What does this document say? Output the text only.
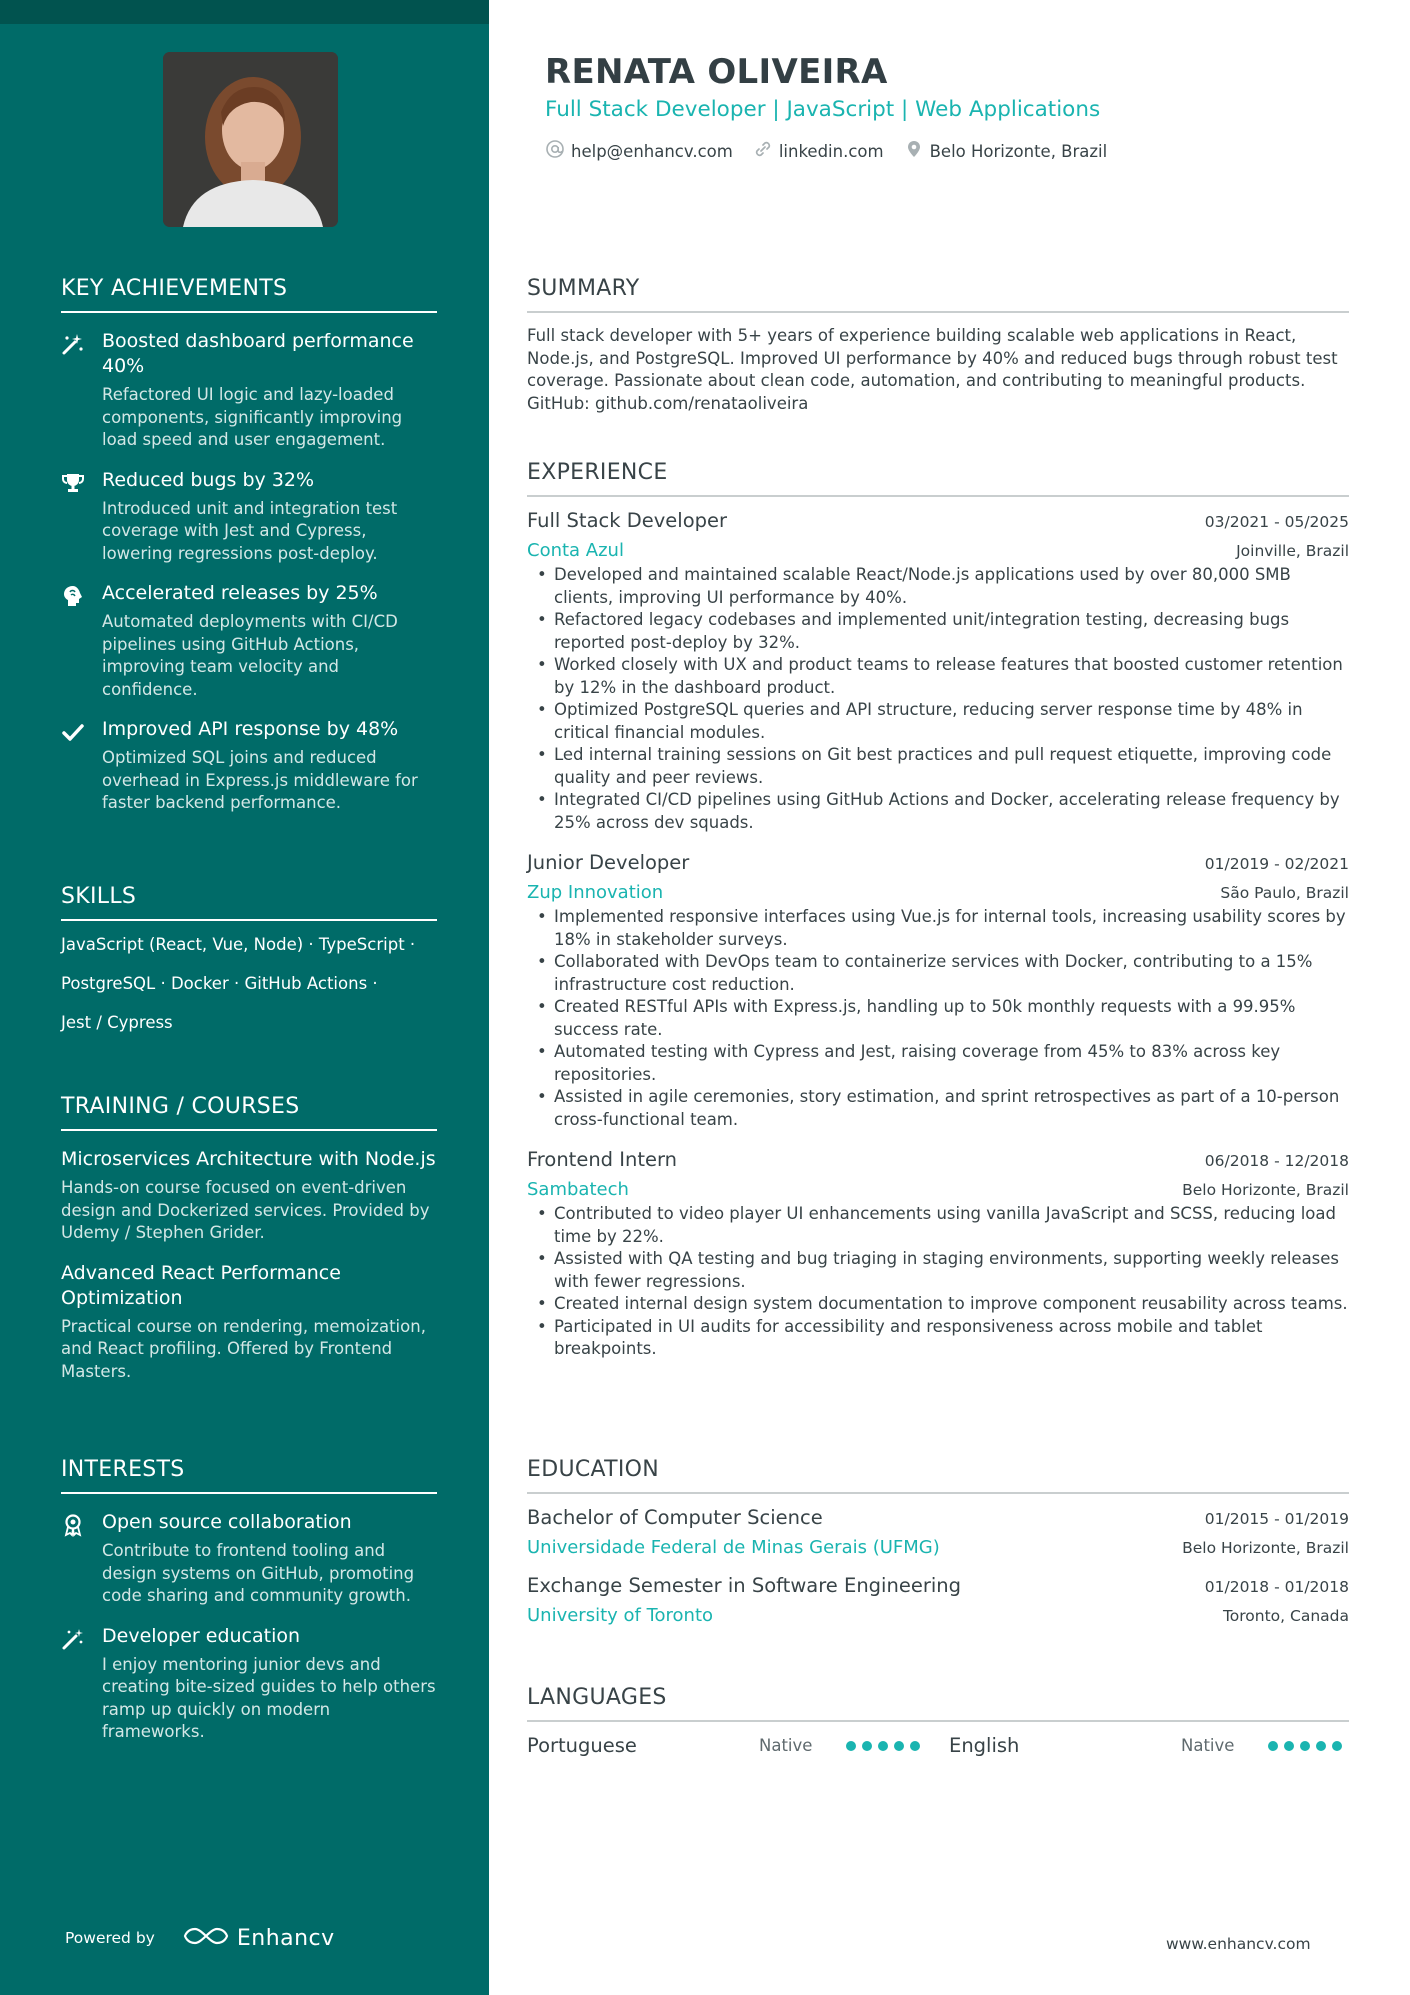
KEY ACHIEVEMENTS
Boosted dashboard performance 40%
Refactored UI logic and lazy-loaded components, significantly improving load speed and user engagement.
Reduced bugs by 32%
Introduced unit and integration test coverage with Jest and Cypress, lowering regressions post-deploy.
Accelerated releases by 25%
Automated deployments with CI/CD pipelines using GitHub Actions, improving team velocity and confidence.
Improved API response by 48%
Optimized SQL joins and reduced overhead in Express.js middleware for faster backend performance.
SKILLS
JavaScript (React, Vue, Node) · TypeScript ·
PostgreSQL · Docker · GitHub Actions ·
Jest / Cypress
TRAINING / COURSES
Microservices Architecture with Node.js
Hands-on course focused on event-driven design and Dockerized services. Provided by Udemy / Stephen Grider.
Advanced React Performance Optimization
Practical course on rendering, memoization, and React profiling. Offered by Frontend Masters.
INTERESTS
Open source collaboration
Contribute to frontend tooling and design systems on GitHub, promoting code sharing and community growth.
Developer education
I enjoy mentoring junior devs and creating bite-sized guides to help others ramp up quickly on modern frameworks.
Powered by	Enhancv
RENATA OLIVEIRA
Full Stack Developer | JavaScript | Web Applications
help@enhancv.com	linkedin.com	Belo Horizonte, Brazil
SUMMARY
Full stack developer with 5+ years of experience building scalable web applications in React, Node.js, and PostgreSQL. Improved UI performance by 40% and reduced bugs through robust test coverage. Passionate about clean code, automation, and contributing to meaningful products. GitHub: github.com/renataoliveira
EXPERIENCE
Full Stack Developer	03/2021 - 05/2025
Conta Azul	Joinville, Brazil
• Developed and maintained scalable React/Node.js applications used by over 80,000 SMB clients, improving UI performance by 40%.
• Refactored legacy codebases and implemented unit/integration testing, decreasing bugs reported post-deploy by 32%.
• Worked closely with UX and product teams to release features that boosted customer retention by 12% in the dashboard product.
• Optimized PostgreSQL queries and API structure, reducing server response time by 48% in critical financial modules.
• Led internal training sessions on Git best practices and pull request etiquette, improving code quality and peer reviews.
• Integrated CI/CD pipelines using GitHub Actions and Docker, accelerating release frequency by 25% across dev squads.
Junior Developer	01/2019 - 02/2021
Zup Innovation	São Paulo, Brazil
• Implemented responsive interfaces using Vue.js for internal tools, increasing usability scores by 18% in stakeholder surveys.
• Collaborated with DevOps team to containerize services with Docker, contributing to a 15% infrastructure cost reduction.
• Created RESTful APIs with Express.js, handling up to 50k monthly requests with a 99.95% success rate.
• Automated testing with Cypress and Jest, raising coverage from 45% to 83% across key repositories.
• Assisted in agile ceremonies, story estimation, and sprint retrospectives as part of a 10-person cross-functional team.
Frontend Intern	06/2018 - 12/2018
Sambatech	Belo Horizonte, Brazil
• Contributed to video player UI enhancements using vanilla JavaScript and SCSS, reducing load time by 22%.
• Assisted with QA testing and bug triaging in staging environments, supporting weekly releases with fewer regressions.
• Created internal design system documentation to improve component reusability across teams.
• Participated in UI audits for accessibility and responsiveness across mobile and tablet breakpoints.
EDUCATION
Bachelor of Computer Science	01/2015 - 01/2019
Universidade Federal de Minas Gerais (UFMG)	Belo Horizonte, Brazil
Exchange Semester in Software Engineering	01/2018 - 01/2018
University of Toronto	Toronto, Canada
LANGUAGES
Portuguese	Native	English	Native
www.enhancv.com
